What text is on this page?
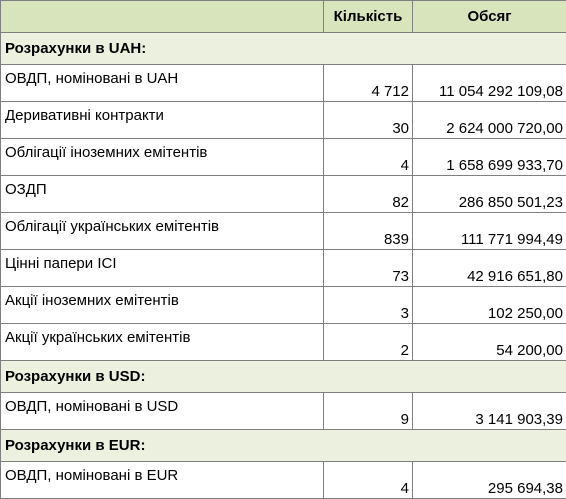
	Кількість	Обсяг
Розрахунки в UAH:		
ОВДП, номіновані в UAH	4 712	11 054 292 109,08
Деривативні контракти	30	2 624 000 720,00
Облігації іноземних емітентів	4	1 658 699 933,70
ОЗДП	82	286 850 501,23
Облігації українських емітентів	839	111 771 994,49
Цінні папери ІСІ	73	42 916 651,80
Акції іноземних емітентів	3	102 250,00
Акції українських емітентів	2	54 200,00
Розрахунки в USD:		
ОВДП, номіновані в USD	9	3 141 903,39
Розрахунки в EUR:		
ОВДП, номіновані в EUR	4	295 694,38
